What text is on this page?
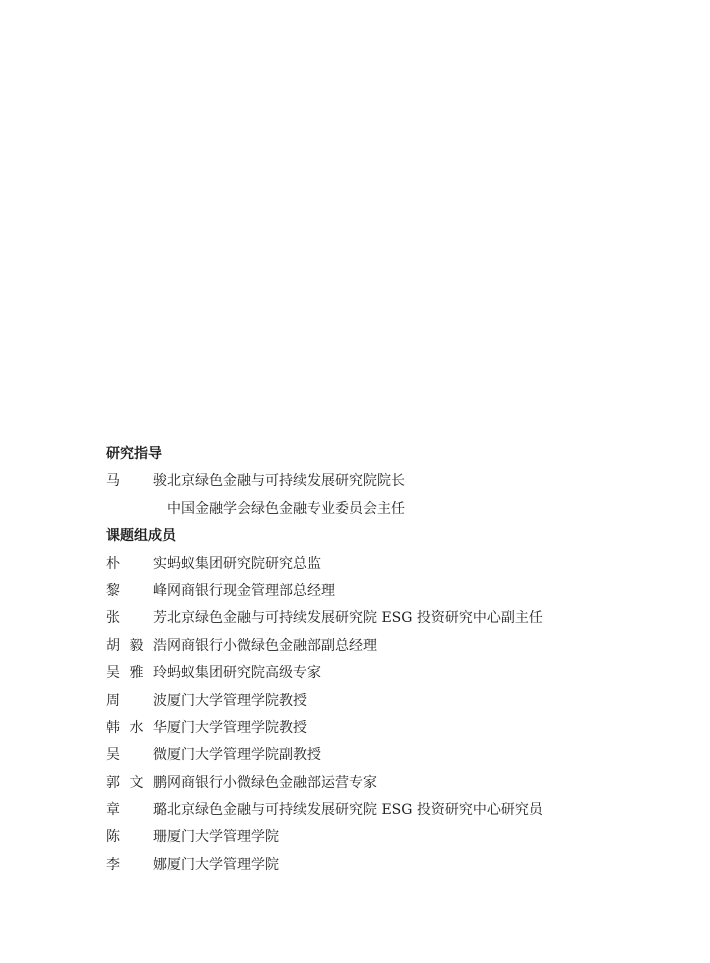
研究指导
马　骏北京绿色金融与可持续发展研究院院长
中国金融学会绿色金融专业委员会主任
课题组成员
朴　实蚂蚁集团研究院研究总监
黎　峰网商银行现金管理部总经理
张　芳北京绿色金融与可持续发展研究院 ESG 投资研究中心副主任
胡毅浩网商银行小微绿色金融部副总经理
吴雅玲蚂蚁集团研究院高级专家
周　波厦门大学管理学院教授
韩水华厦门大学管理学院教授
吴　微厦门大学管理学院副教授
郭文鹏网商银行小微绿色金融部运营专家
章　璐北京绿色金融与可持续发展研究院 ESG 投资研究中心研究员
陈　珊厦门大学管理学院
李　娜厦门大学管理学院
